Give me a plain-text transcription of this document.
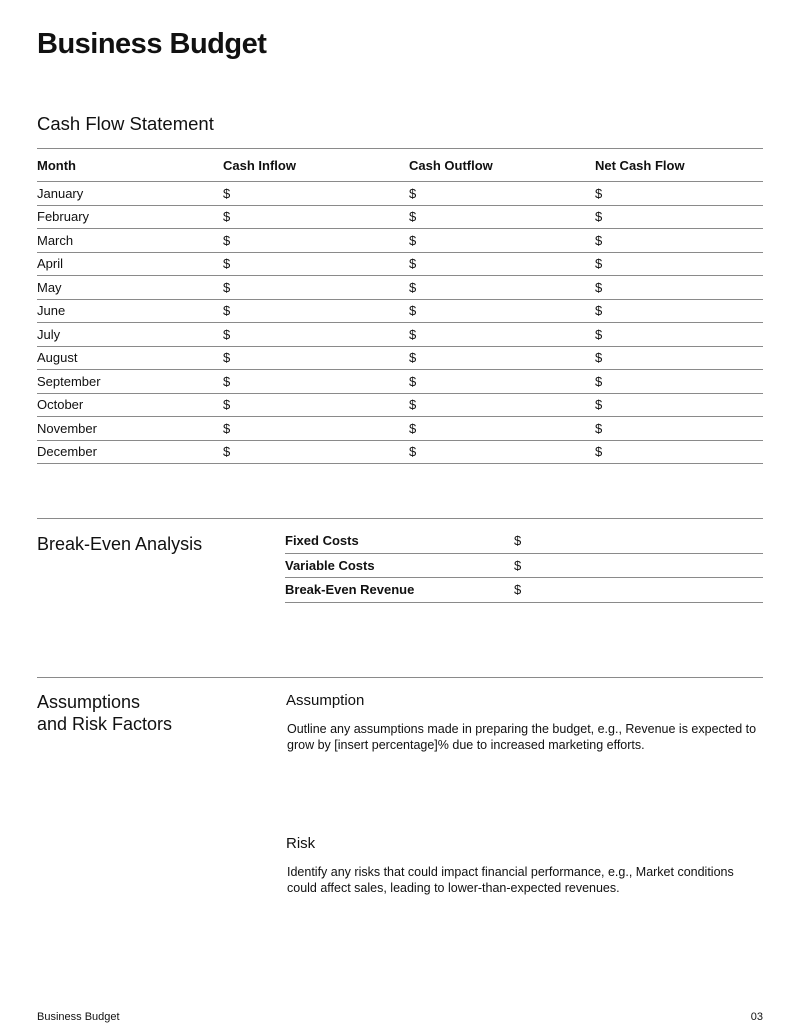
Business Budget
Cash Flow Statement
Month	Cash Inflow	Cash Outflow	Net Cash Flow
January	$	$	$
February	$	$	$
March	$	$	$
April	$	$	$
May	$	$	$
June	$	$	$
July	$	$	$
August	$	$	$
September	$	$	$
October	$	$	$
November	$	$	$
December	$	$	$
Break-Even Analysis	Fixed Costs	$
Variable Costs	$
Break-Even Revenue	$
Assumptions
and Risk Factors
Assumption

Outline any assumptions made in preparing the budget, e.g., Revenue is expected to grow by [insert percentage]% due to increased marketing efforts.

Risk

Identify any risks that could impact financial performance, e.g., Market conditions could affect sales, leading to lower-than-expected revenues.

Business Budget	03
